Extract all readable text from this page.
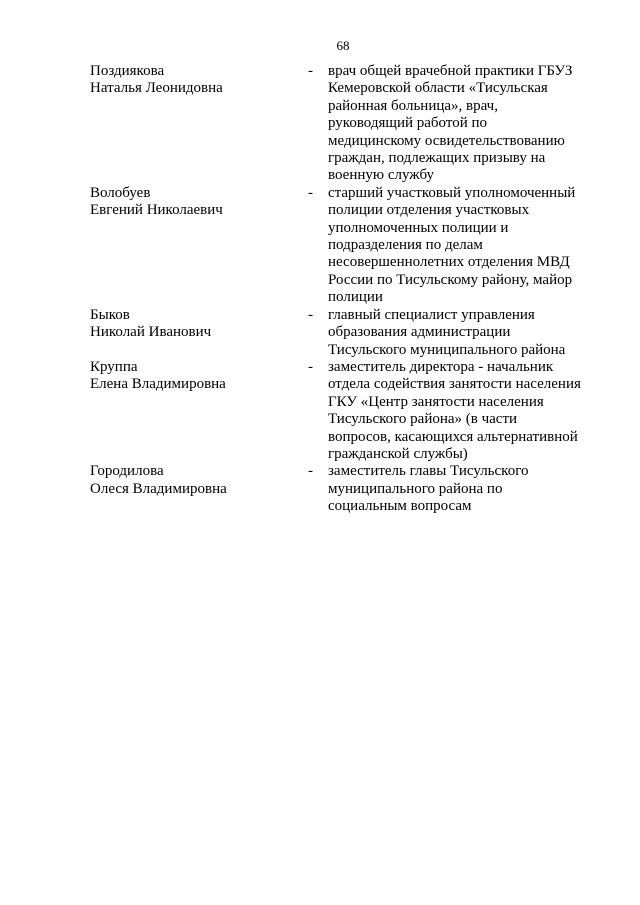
68
Поздиякова
Наталья Леонидовна
-	врач общей врачебной практики ГБУЗ
Кемеровской области «Тисульская
районная больница», врач,
руководящий работой по
медицинскому освидетельствованию
граждан, подлежащих призыву на
военную службу
Волобуев
Евгений Николаевич
-	старший участковый уполномоченный
полиции отделения участковых
уполномоченных полиции и
подразделения по делам
несовершеннолетних отделения МВД
России по Тисульскому району, майор
полиции
Быков
Николай Иванович
-	главный специалист управления
образования администрации
Тисульского муниципального района
Круппа
Елена Владимировна
-	заместитель директора - начальник
отдела содействия занятости населения
ГКУ «Центр занятости населения
Тисульского района» (в части
вопросов, касающихся альтернативной
гражданской службы)
Городилова
Олеся Владимировна
-	заместитель главы Тисульского
муниципального района по
социальным вопросам
